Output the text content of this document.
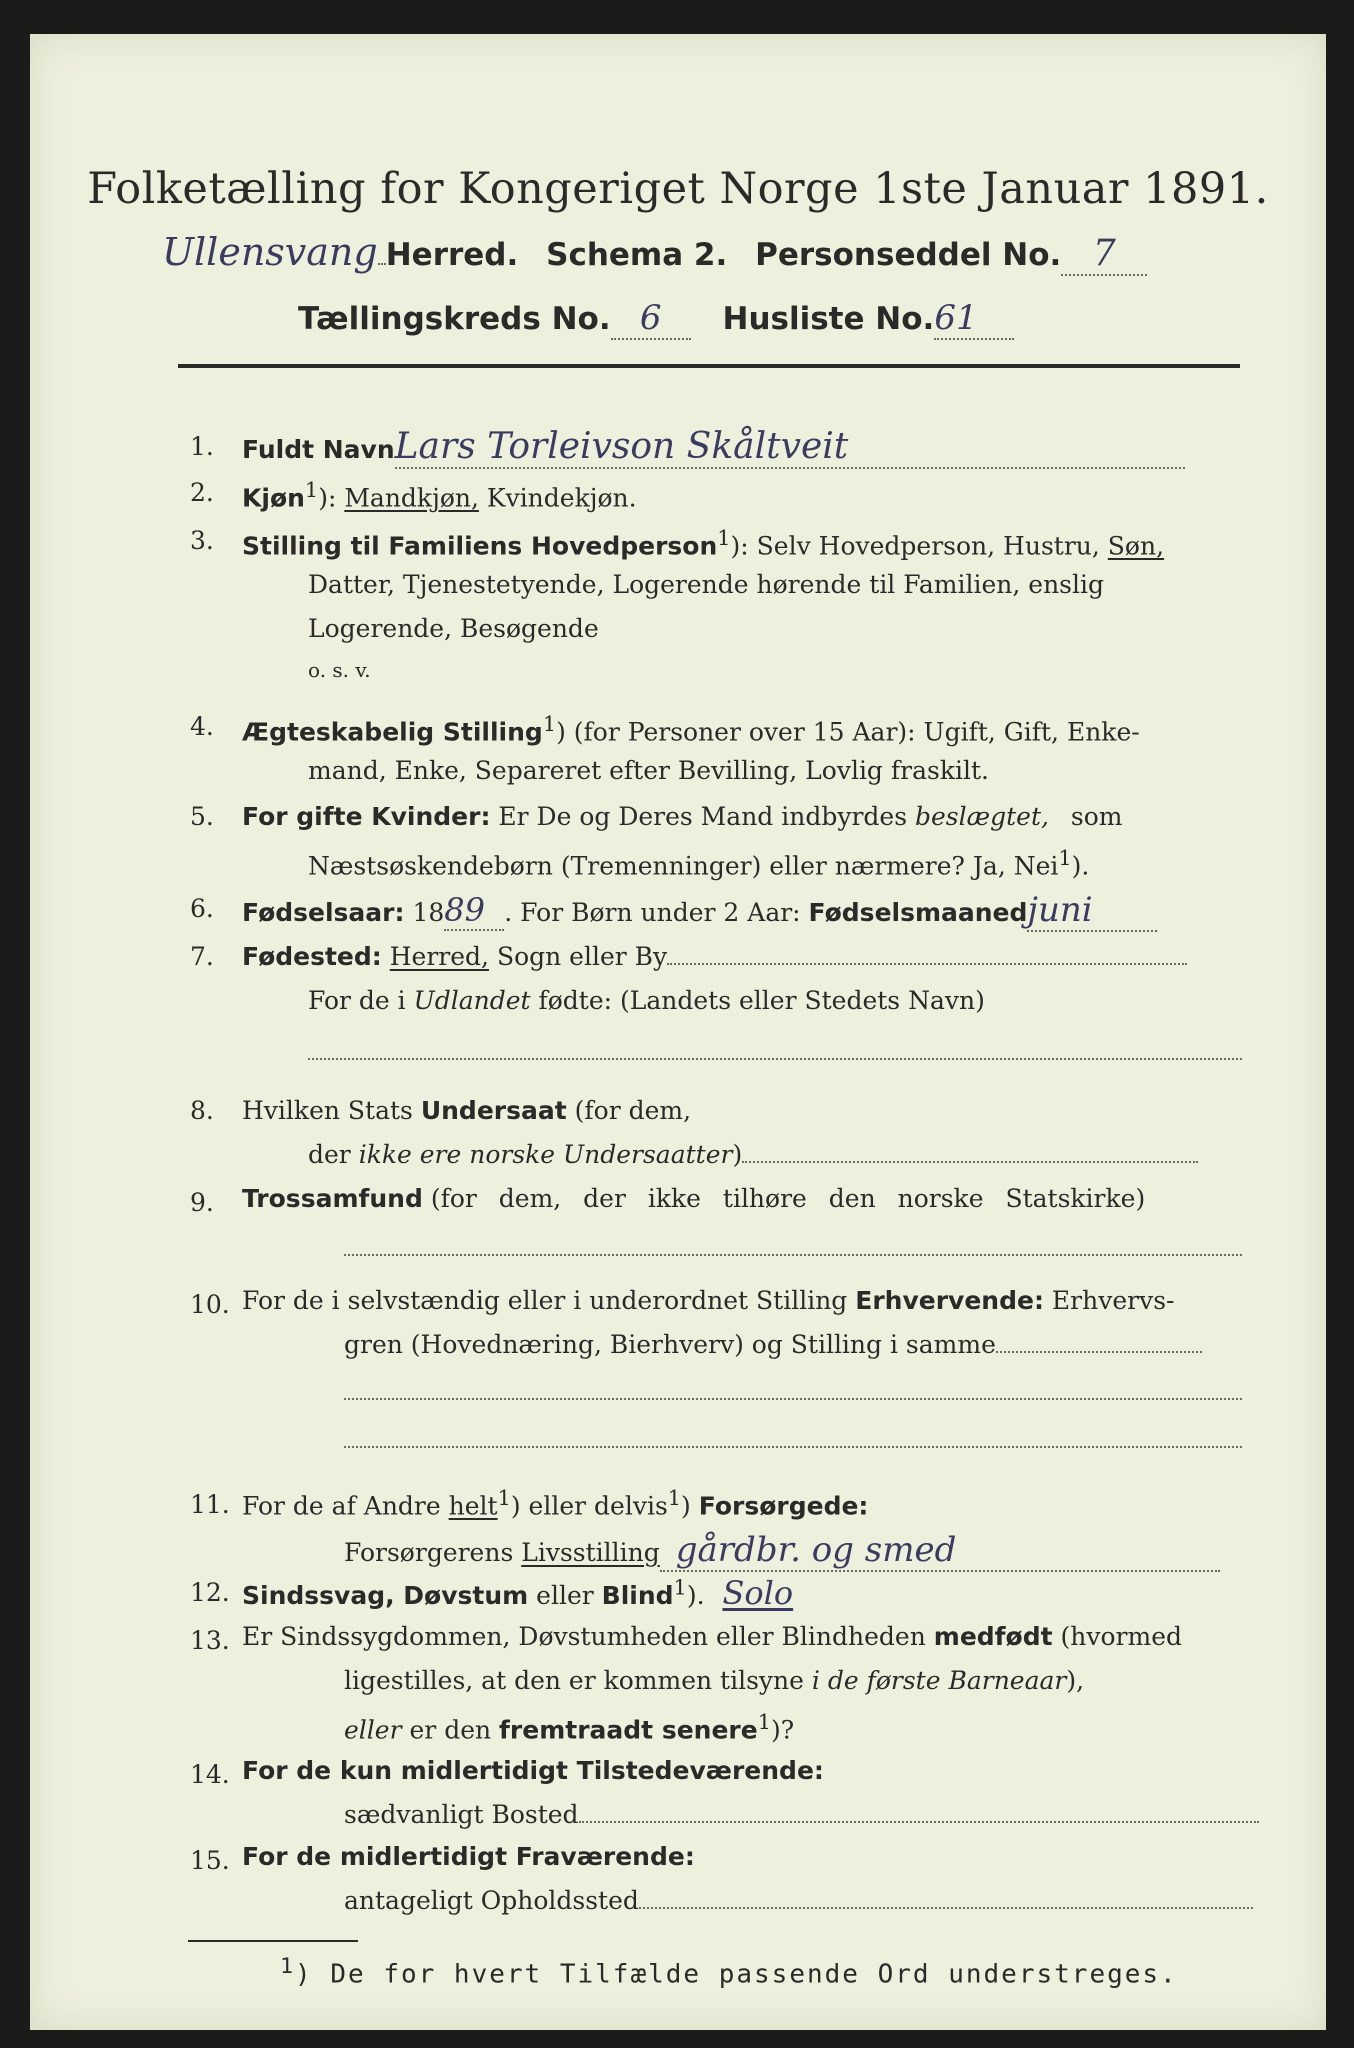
Folketælling for Kongeriget Norge 1ste Januar 1891.
Ullensvang Herred. Schema 2. Personseddel No. 7
Tællingskreds No. 6 Husliste No.61
1. Fuldt NavnLars Torleivson Skåltveit
2. Kjøn$^1$): Mandkjøn, Kvindekjøn.
3. Stilling til Familiens Hovedperson$^1$): Selv Hovedperson, Hustru, Søn,
Datter, Tjenestetyende, Logerende hørende til Familien, enslig
Logerende, Besøgende
o. s. v.
4. Ægteskabelig Stilling$^1$) (for Personer over 15 Aar): Ugift, Gift, Enke-
mand, Enke, Separeret efter Bevilling, Lovlig fraskilt.
5. For gifte Kvinder: Er De og Deres Mand indbyrdes beslægtet, som
Næstsøskendebørn (Tremenninger) eller nærmere? Ja, Nei$^1$).
6. Fødselsaar: 1889 . For Børn under 2 Aar: Fødselsmaanedjuni
7. Fødested: Herred, Sogn eller By
For de i Udlandet fødte: (Landets eller Stedets Navn)
8. Hvilken Stats Undersaat (for dem,
der ikke ere norske Undersaatter)
9. Trossamfund (for dem, der ikke tilhøre den norske Statskirke)
10. For de i selvstændig eller i underordnet Stilling Erhvervende: Erhvervs-
gren (Hovednæring, Bierhverv) og Stilling i samme
11. For de af Andre helt$^1$) eller delvis$^1$) Forsørgede:
Forsørgerens Livsstilling gårdbr. og smed
12. Sindssvag, Døvstum eller Blind$^1$). Solo
13. Er Sindssygdommen, Døvstumheden eller Blindheden medfødt (hvormed
ligestilles, at den er kommen tilsyne i de første Barneaar),
eller er den fremtraadt senere$^1$)?
14. For de kun midlertidigt Tilstedeværende:
sædvanligt Bosted
15. For de midlertidigt Fraværende:
antageligt Opholdssted
$^1$) De for hvert Tilfælde passende Ord understreges.
